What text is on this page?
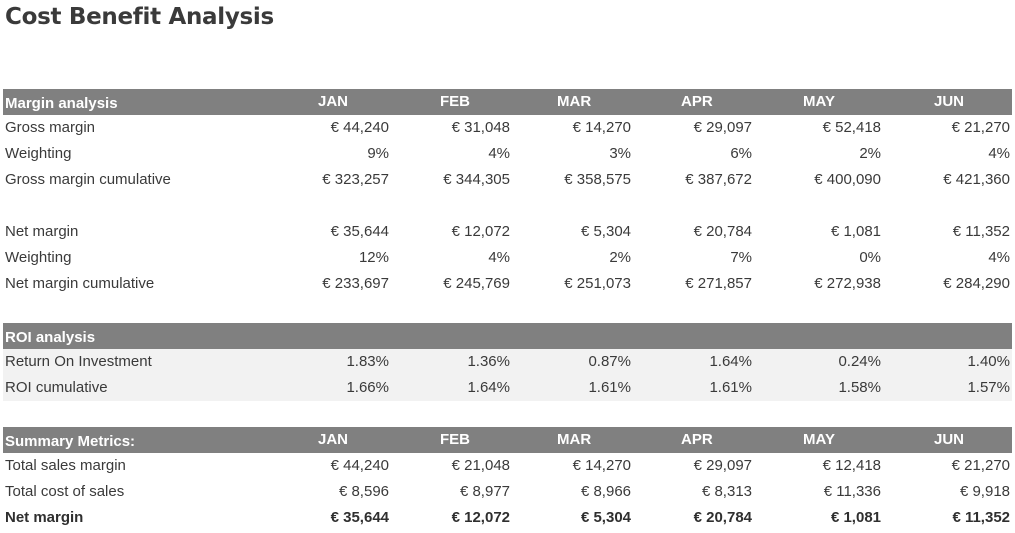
Cost Benefit Analysis
Margin analysis	JAN	FEB	MAR	APR	MAY	JUN
Gross margin	€ 44,240	€ 31,048	€ 14,270	€ 29,097	€ 52,418	€ 21,270
Weighting	9%	4%	3%	6%	2%	4%
Gross margin cumulative	€ 323,257	€ 344,305	€ 358,575	€ 387,672	€ 400,090	€ 421,360
Net margin	€ 35,644	€ 12,072	€ 5,304	€ 20,784	€ 1,081	€ 11,352
Weighting	12%	4%	2%	7%	0%	4%
Net margin cumulative	€ 233,697	€ 245,769	€ 251,073	€ 271,857	€ 272,938	€ 284,290
ROI analysis
Return On Investment	1.83%	1.36%	0.87%	1.64%	0.24%	1.40%
ROI cumulative	1.66%	1.64%	1.61%	1.61%	1.58%	1.57%
Summary Metrics:	JAN	FEB	MAR	APR	MAY	JUN
Total sales margin	€ 44,240	€ 21,048	€ 14,270	€ 29,097	€ 12,418	€ 21,270
Total cost of sales	€ 8,596	€ 8,977	€ 8,966	€ 8,313	€ 11,336	€ 9,918
Net margin	€ 35,644	€ 12,072	€ 5,304	€ 20,784	€ 1,081	€ 11,352
